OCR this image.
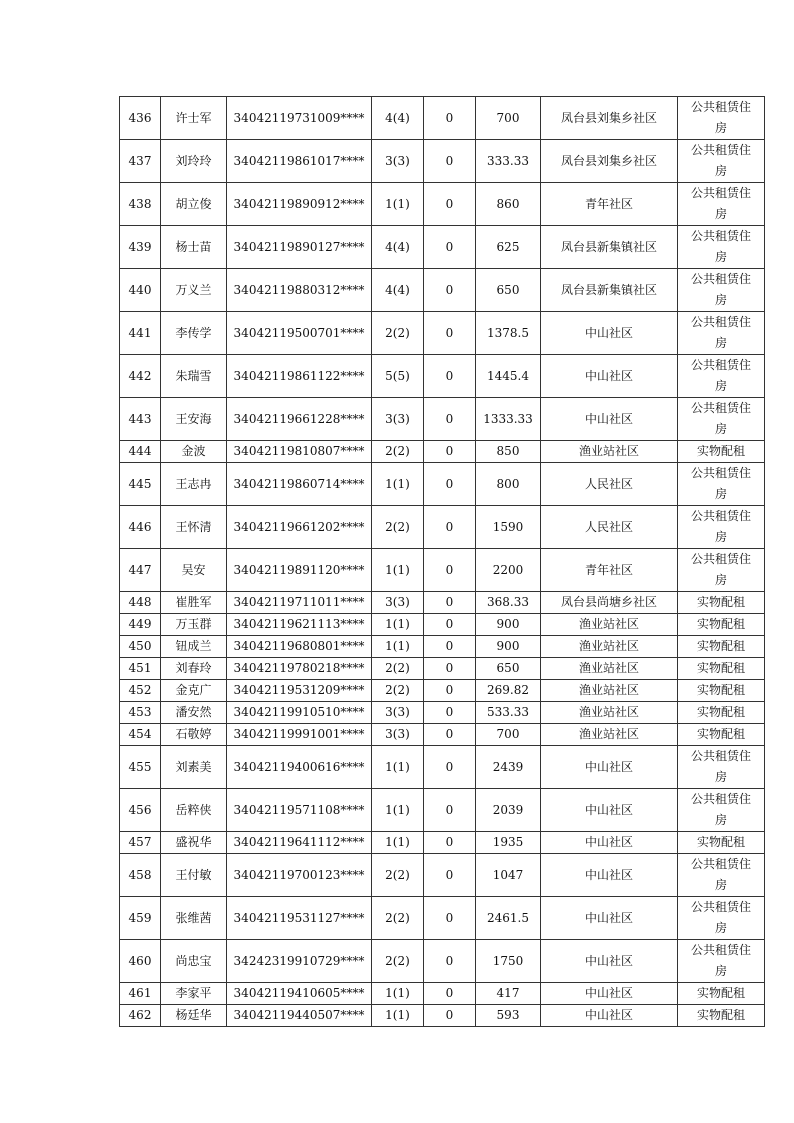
436	许士军	34042119731009****	4(4)	0	700	凤台县刘集乡社区	公共租赁住房
437	刘玲玲	34042119861017****	3(3)	0	333.33	凤台县刘集乡社区	公共租赁住房
438	胡立俊	34042119890912****	1(1)	0	860	青年社区	公共租赁住房
439	杨士苗	34042119890127****	4(4)	0	625	凤台县新集镇社区	公共租赁住房
440	万义兰	34042119880312****	4(4)	0	650	凤台县新集镇社区	公共租赁住房
441	李传学	34042119500701****	2(2)	0	1378.5	中山社区	公共租赁住房
442	朱瑞雪	34042119861122****	5(5)	0	1445.4	中山社区	公共租赁住房
443	王安海	34042119661228****	3(3)	0	1333.33	中山社区	公共租赁住房
444	金波	34042119810807****	2(2)	0	850	渔业站社区	实物配租
445	王志冉	34042119860714****	1(1)	0	800	人民社区	公共租赁住房
446	王怀清	34042119661202****	2(2)	0	1590	人民社区	公共租赁住房
447	吴安	34042119891120****	1(1)	0	2200	青年社区	公共租赁住房
448	崔胜军	34042119711011****	3(3)	0	368.33	凤台县尚塘乡社区	实物配租
449	万玉群	34042119621113****	1(1)	0	900	渔业站社区	实物配租
450	钮成兰	34042119680801****	1(1)	0	900	渔业站社区	实物配租
451	刘春玲	34042119780218****	2(2)	0	650	渔业站社区	实物配租
452	金克广	34042119531209****	2(2)	0	269.82	渔业站社区	实物配租
453	潘安然	34042119910510****	3(3)	0	533.33	渔业站社区	实物配租
454	石敬婷	34042119991001****	3(3)	0	700	渔业站社区	实物配租
455	刘素美	34042119400616****	1(1)	0	2439	中山社区	公共租赁住房
456	岳粹侠	34042119571108****	1(1)	0	2039	中山社区	公共租赁住房
457	盛祝华	34042119641112****	1(1)	0	1935	中山社区	实物配租
458	王付敏	34042119700123****	2(2)	0	1047	中山社区	公共租赁住房
459	张维茜	34042119531127****	2(2)	0	2461.5	中山社区	公共租赁住房
460	尚忠宝	34242319910729****	2(2)	0	1750	中山社区	公共租赁住房
461	李家平	34042119410605****	1(1)	0	417	中山社区	实物配租
462	杨廷华	34042119440507****	1(1)	0	593	中山社区	实物配租
